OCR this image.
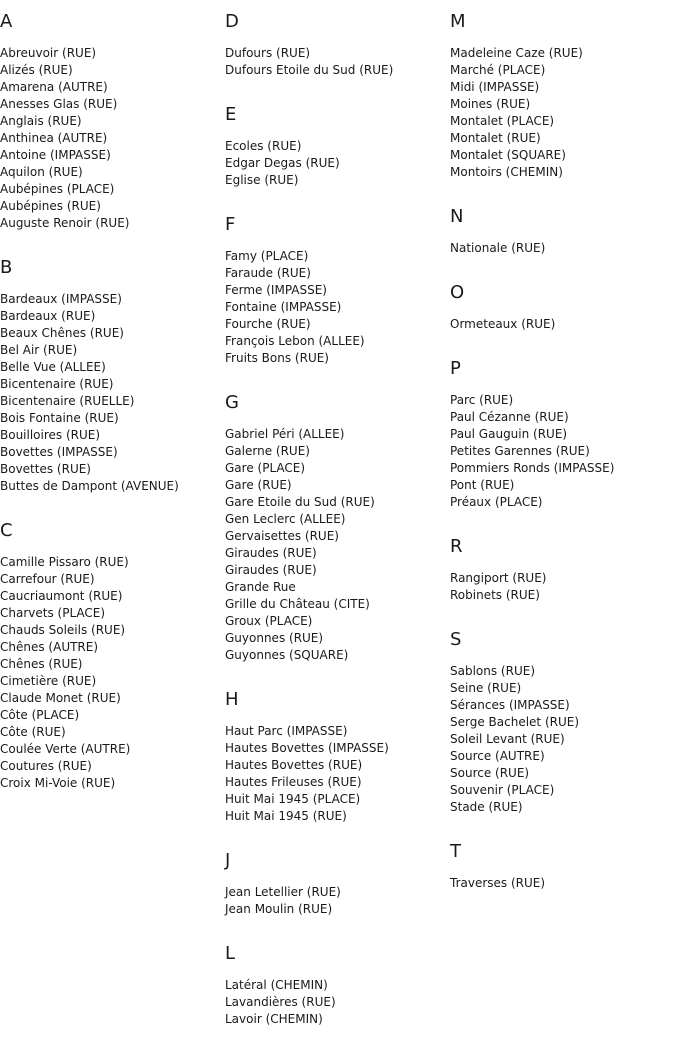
A
Abreuvoir (RUE)
Alizés (RUE)
Amarena (AUTRE)
Anesses Glas (RUE)
Anglais (RUE)
Anthinea (AUTRE)
Antoine (IMPASSE)
Aquilon (RUE)
Aubépines (PLACE)
Aubépines (RUE)
Auguste Renoir (RUE)
B
Bardeaux (IMPASSE)
Bardeaux (RUE)
Beaux Chênes (RUE)
Bel Air (RUE)
Belle Vue (ALLEE)
Bicentenaire (RUE)
Bicentenaire (RUELLE)
Bois Fontaine (RUE)
Bouilloires (RUE)
Bovettes (IMPASSE)
Bovettes (RUE)
Buttes de Dampont (AVENUE)
C
Camille Pissaro (RUE)
Carrefour (RUE)
Caucriaumont (RUE)
Charvets (PLACE)
Chauds Soleils (RUE)
Chênes (AUTRE)
Chênes (RUE)
Cimetière (RUE)
Claude Monet (RUE)
Côte (PLACE)
Côte (RUE)
Coulée Verte (AUTRE)
Coutures (RUE)
Croix Mi-Voie (RUE)
D
Dufours (RUE)
Dufours Etoile du Sud (RUE)
E
Ecoles (RUE)
Edgar Degas (RUE)
Eglise (RUE)
F
Famy (PLACE)
Faraude (RUE)
Ferme (IMPASSE)
Fontaine (IMPASSE)
Fourche (RUE)
François Lebon (ALLEE)
Fruits Bons (RUE)
G
Gabriel Péri (ALLEE)
Galerne (RUE)
Gare (PLACE)
Gare (RUE)
Gare Etoile du Sud (RUE)
Gen Leclerc (ALLEE)
Gervaisettes (RUE)
Giraudes (RUE)
Giraudes (RUE)
Grande Rue
Grille du Château (CITE)
Groux (PLACE)
Guyonnes (RUE)
Guyonnes (SQUARE)
H
Haut Parc (IMPASSE)
Hautes Bovettes (IMPASSE)
Hautes Bovettes (RUE)
Hautes Frileuses (RUE)
Huit Mai 1945 (PLACE)
Huit Mai 1945 (RUE)
J
Jean Letellier (RUE)
Jean Moulin (RUE)
L
Latéral (CHEMIN)
Lavandières (RUE)
Lavoir (CHEMIN)
M
Madeleine Caze (RUE)
Marché (PLACE)
Midi (IMPASSE)
Moines (RUE)
Montalet (PLACE)
Montalet (RUE)
Montalet (SQUARE)
Montoirs (CHEMIN)
N
Nationale (RUE)
O
Ormeteaux (RUE)
P
Parc (RUE)
Paul Cézanne (RUE)
Paul Gauguin (RUE)
Petites Garennes (RUE)
Pommiers Ronds (IMPASSE)
Pont (RUE)
Préaux (PLACE)
R
Rangiport (RUE)
Robinets (RUE)
S
Sablons (RUE)
Seine (RUE)
Sérances (IMPASSE)
Serge Bachelet (RUE)
Soleil Levant (RUE)
Source (AUTRE)
Source (RUE)
Souvenir (PLACE)
Stade (RUE)
T
Traverses (RUE)
